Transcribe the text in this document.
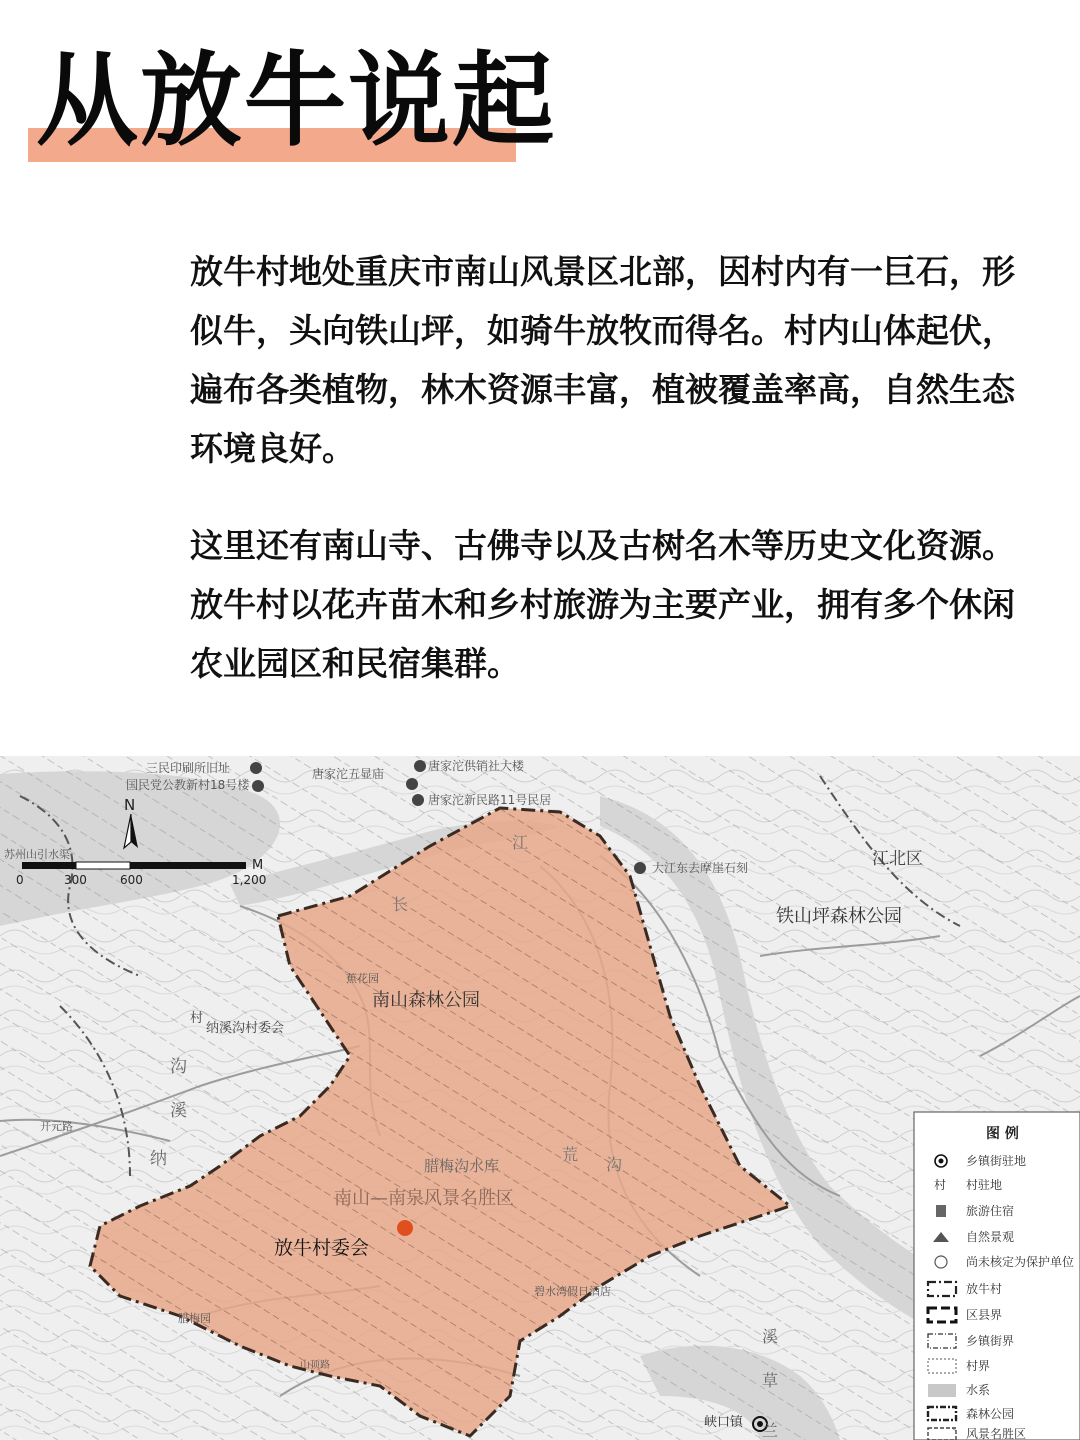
从放牛说起

放牛村地处重庆市南山风景区北部，因村内有一巨石，形似牛，头向铁山坪，如骑牛放牧而得名。村内山体起伏，遍布各类植物，林木资源丰富，植被覆盖率高，自然生态环境良好。

这里还有南山寺、古佛寺以及古树名木等历史文化资源。放牛村以花卉苗木和乡村旅游为主要产业，拥有多个休闲农业园区和民宿集群。

N
M
0	300	600	1,200
三民印刷所旧址
国民党公教新村18号楼
唐家沱五显庙
唐家沱供销社大楼
唐家沱新民路11号民居
大江东去摩崖石刻
苏州山引水渠	江北区
铁山坪森林公园
长
江
南山森林公园
蕉花园
纳溪沟村委会
村
沟
溪
纳	腊梅沟水库
荒
沟
南山—南泉风景名胜区
放牛村委会
碧水湾假日酒店
腊梅园
溪
草
兰
峡口镇
开元路
山顶路
图 例
乡镇街驻地
村 村驻地
旅游住宿
自然景观
尚未核定为保护单位
放牛村
区县界
乡镇街界
村界
水系
森林公园
风景名胜区
